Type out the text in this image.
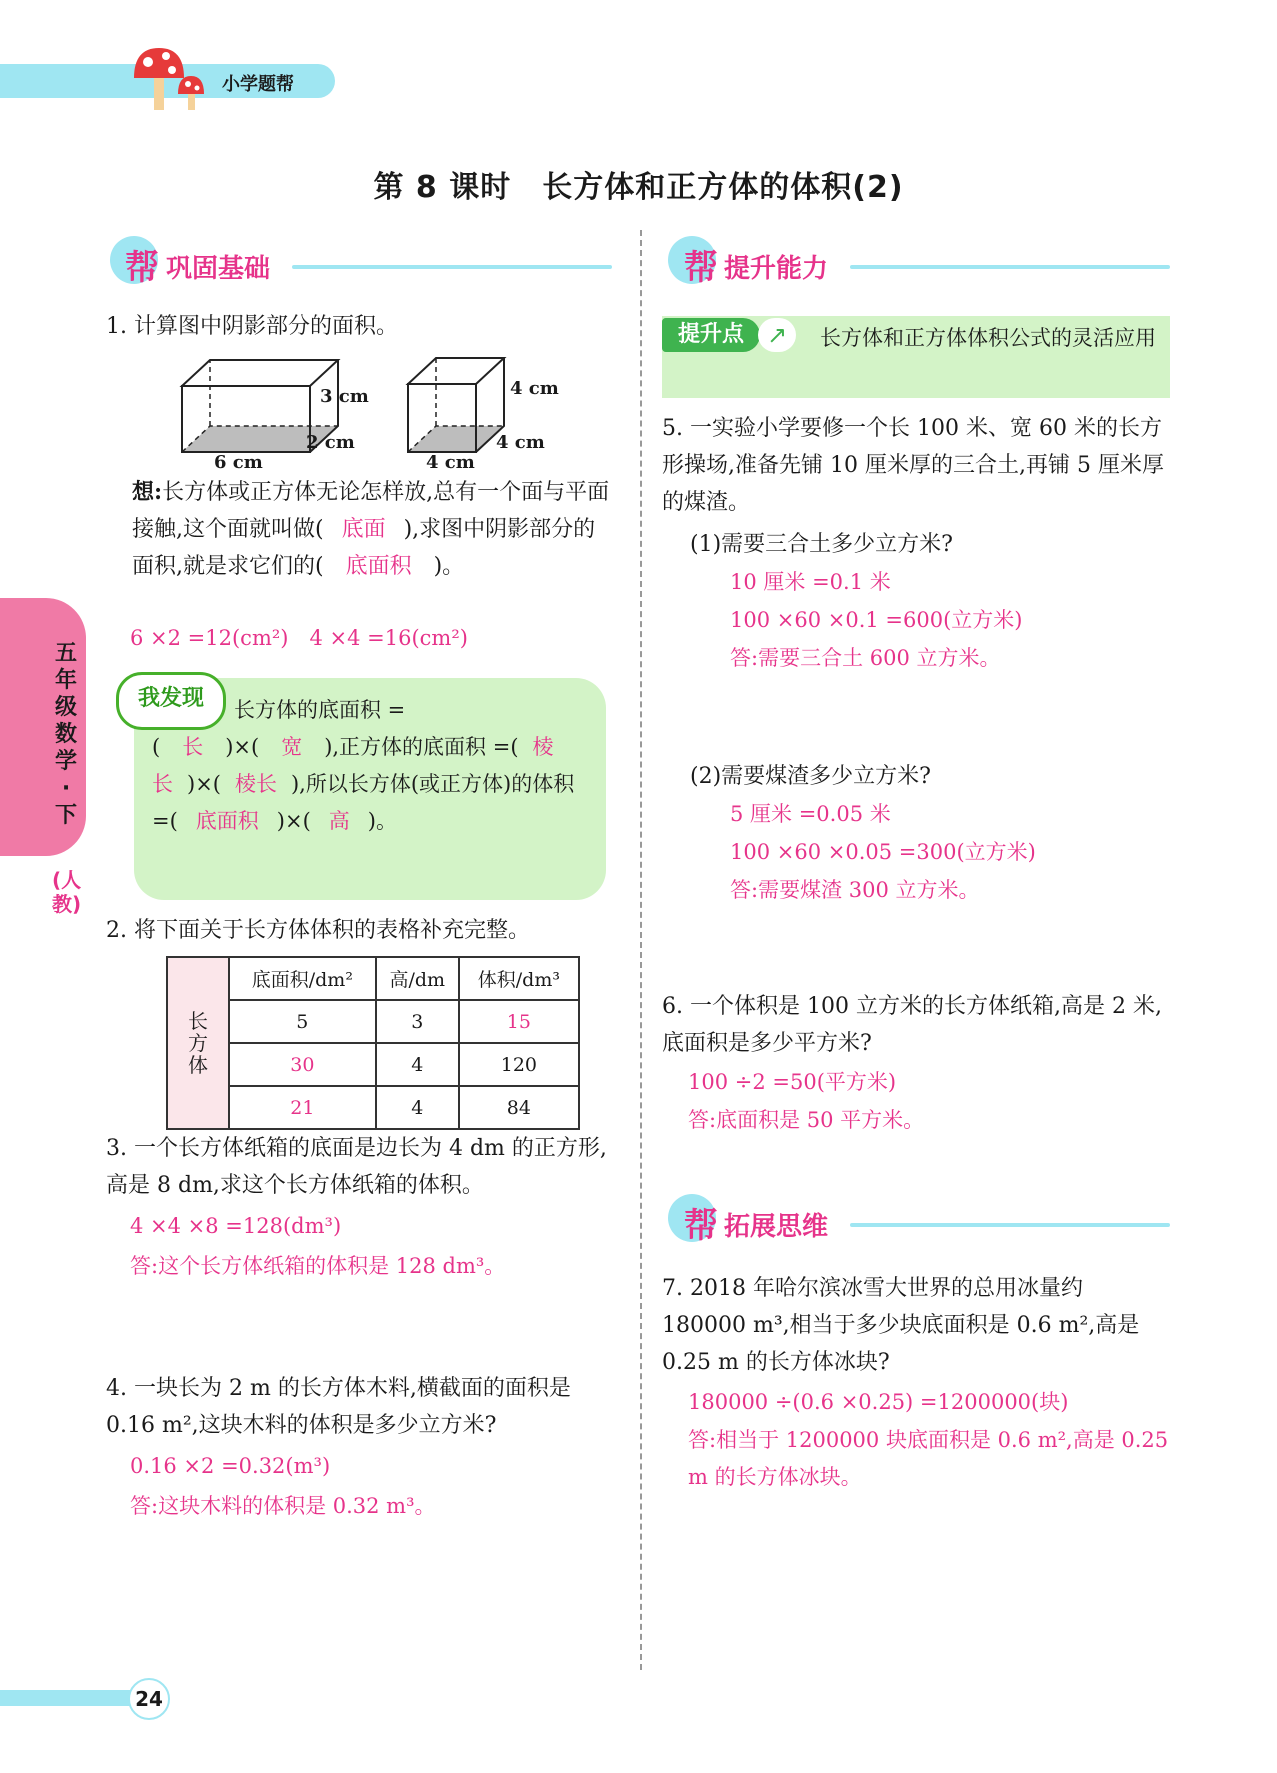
小学题帮
第 8 课时　长方体和正方体的体积(2)
五年级数学·下
(人教)
帮 巩固基础
1. 计算图中阴影部分的面积。
3 cm
2 cm
6 cm
4 cm
4 cm
4 cm
想:长方体或正方体无论怎样放,总有一个面与平面接触,这个面就叫做( 底面 ),求图中阴影部分的面积,就是求它们的( 底面积 )。
6 ×2 =12(cm²)　4 ×4 =16(cm²)
我发现	长方体的底面积 =( 长 )×( 宽 ),正方体的底面积 =( 棱长 )×( 棱长 ),所以长方体(或正方体)的体积 =( 底面积 )×( 高 )。
2. 将下面关于长方体体积的表格补充完整。
长方体	底面积/dm²	高/dm	体积/dm³
	5	3	15
	30	4	120
	21	4	84
3. 一个长方体纸箱的底面是边长为 4 dm 的正方形,高是 8 dm,求这个长方体纸箱的体积。
4 ×4 ×8 =128(dm³)
答:这个长方体纸箱的体积是 128 dm³。
4. 一块长为 2 m 的长方体木料,横截面的面积是 0.16 m²,这块木料的体积是多少立方米?
0.16 ×2 =0.32(m³)
答:这块木料的体积是 0.32 m³。
帮 提升能力
提升点 ↗	长方体和正方体体积公式的灵活应用
5. 一实验小学要修一个长 100 米、宽 60 米的长方形操场,准备先铺 10 厘米厚的三合土,再铺 5 厘米厚的煤渣。
(1)需要三合土多少立方米?
10 厘米 =0.1 米
100 ×60 ×0.1 =600(立方米)
答:需要三合土 600 立方米。
(2)需要煤渣多少立方米?
5 厘米 =0.05 米
100 ×60 ×0.05 =300(立方米)
答:需要煤渣 300 立方米。
6. 一个体积是 100 立方米的长方体纸箱,高是 2 米,底面积是多少平方米?
100 ÷2 =50(平方米)
答:底面积是 50 平方米。
帮 拓展思维
7. 2018 年哈尔滨冰雪大世界的总用冰量约 180000 m³,相当于多少块底面积是 0.6 m²,高是 0.25 m 的长方体冰块?
180000 ÷(0.6 ×0.25) =1200000(块)
答:相当于 1200000 块底面积是 0.6 m²,高是 0.25 m 的长方体冰块。
24
